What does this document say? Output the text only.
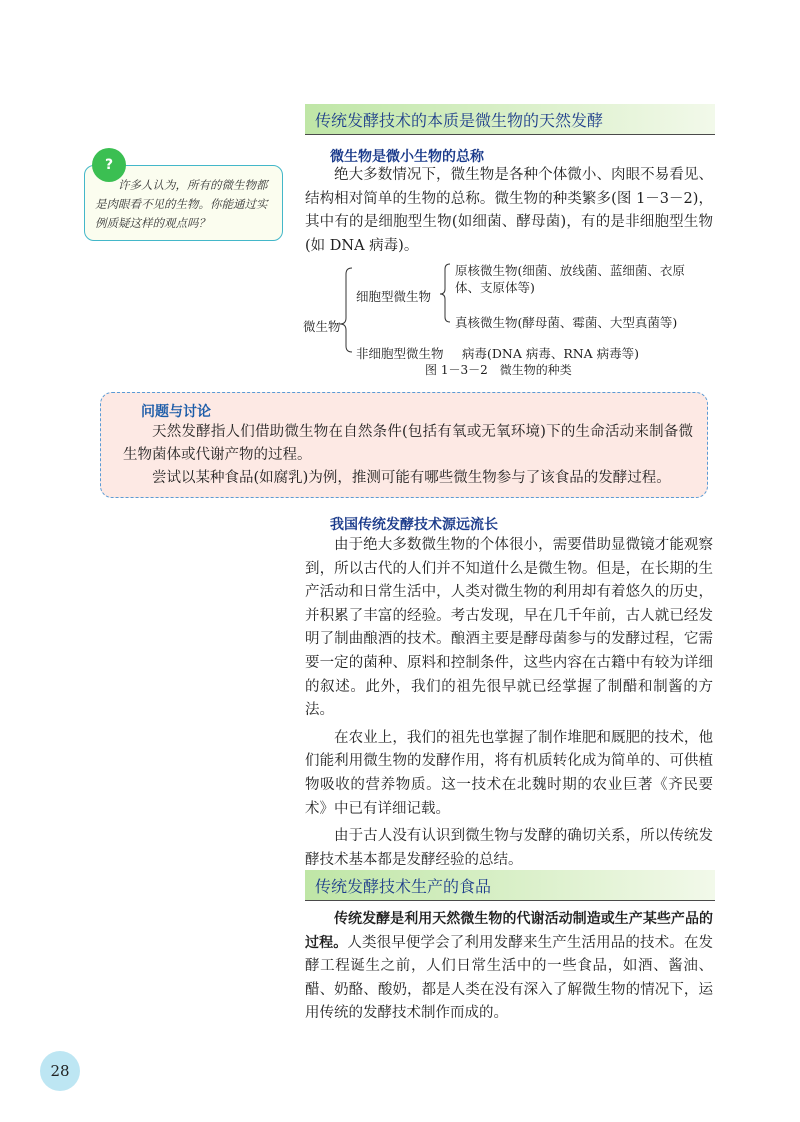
传统发酵技术的本质是微生物的天然发酵
微生物是微小生物的总称

绝大多数情况下，微生物是各种个体微小、肉眼不易看见、结构相对简单的生物的总称。微生物的种类繁多(图 1－3－2)，其中有的是细胞型生物(如细菌、酵母菌)，有的是非细胞型生物(如 DNA 病毒)。

许多人认为，所有的微生物都是肉眼看不见的生物。你能通过实例质疑这样的观点吗？
?
微生物
细胞型微生物
原核微生物(细菌、放线菌、蓝细菌、衣原体、支原体等)
真核微生物(酵母菌、霉菌、大型真菌等)
非细胞型微生物 病毒(DNA 病毒、RNA 病毒等)
图 1－3－2　微生物的种类
问题与讨论

天然发酵指人们借助微生物在自然条件(包括有氧或无氧环境)下的生命活动来制备微生物菌体或代谢产物的过程。

尝试以某种食品(如腐乳)为例，推测可能有哪些微生物参与了该食品的发酵过程。

我国传统发酵技术源远流长

由于绝大多数微生物的个体很小，需要借助显微镜才能观察到，所以古代的人们并不知道什么是微生物。但是，在长期的生产活动和日常生活中，人类对微生物的利用却有着悠久的历史，并积累了丰富的经验。考古发现，早在几千年前，古人就已经发明了制曲酿酒的技术。酿酒主要是酵母菌参与的发酵过程，它需要一定的菌种、原料和控制条件，这些内容在古籍中有较为详细的叙述。此外，我们的祖先很早就已经掌握了制醋和制酱的方法。

在农业上，我们的祖先也掌握了制作堆肥和厩肥的技术，他们能利用微生物的发酵作用，将有机质转化成为简单的、可供植物吸收的营养物质。这一技术在北魏时期的农业巨著《齐民要术》中已有详细记载。

由于古人没有认识到微生物与发酵的确切关系，所以传统发酵技术基本都是发酵经验的总结。

传统发酵技术生产的食品

传统发酵是利用天然微生物的代谢活动制造或生产某些产品的过程。人类很早便学会了利用发酵来生产生活用品的技术。在发酵工程诞生之前，人们日常生活中的一些食品，如酒、酱油、醋、奶酪、酸奶，都是人类在没有深入了解微生物的情况下，运用传统的发酵技术制作而成的。

28
